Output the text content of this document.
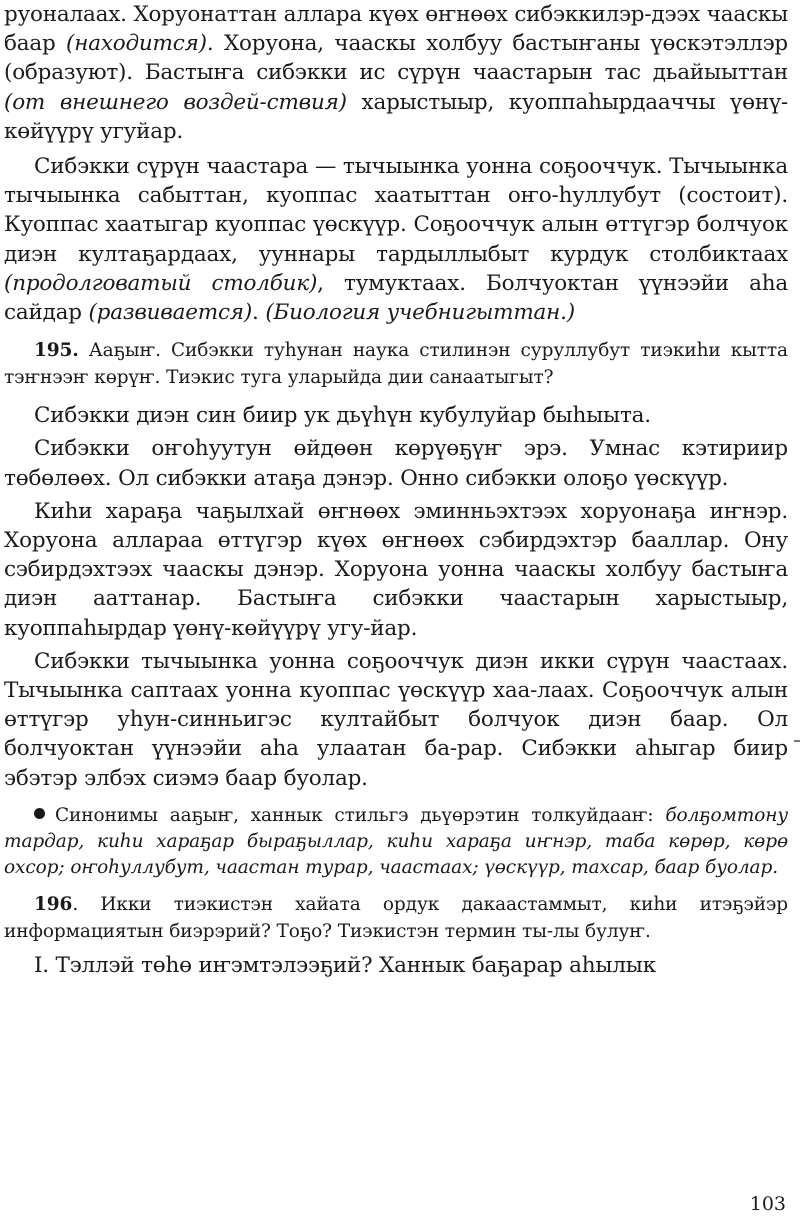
руоналаах. Хоруонаттан аллара күөх өҥнөөх сибэккилэр-дээх чааскы баар (находится). Хоруона, чааскы холбуу бастыҥаны үөскэтэллэр (образуют). Бастыҥа сибэкки ис сүрүн чаастарын тас дьайыыттан (от внешнего воздей-ствия) харыстыыр, куоппаһырдааччы үөнү-көйүүрү угуйар.

Сибэкки сүрүн чаастара — тычыынка уонна соҕооччук. Тычыынка тычыынка сабыттан, куоппас хаатыттан оҥо-һуллубут (состоит). Куоппас хаатыгар куоппас үөскүүр. Соҕооччук алын өттүгэр болчуок диэн култаҕардаах, ууннары тардыллыбыт курдук столбиктаах (продолговатый столбик), тумуктаах. Болчуоктан үүнээйи аһа сайдар (развивается). (Биология учебнигыттан.)

195. Ааҕыҥ. Сибэкки туһунан наука стилинэн суруллубут тиэкиһи кытта тэҥнээҥ көрүҥ. Тиэкис туга уларыйда дии санаатыгыт?

Сибэкки диэн син биир ук дьүһүн кубулуйар быһыыта.

Сибэкки оҥоһуутун өйдөөн көрүөҕүҥ эрэ. Умнас кэтириир төбөлөөх. Ол сибэкки атаҕа дэнэр. Онно сибэкки олоҕо үөскүүр.

Киһи хараҕа чаҕылхай өҥнөөх эминньэхтээх хоруонаҕа иҥнэр. Хоруона аллараа өттүгэр күөх өҥнөөх сэбирдэхтэр бааллар. Ону сэбирдэхтээх чааскы дэнэр. Хоруона уонна чааскы холбуу бастыҥа диэн ааттанар. Бастыҥа сибэкки чаастарын харыстыыр, куоппаһырдар үөнү-көйүүрү угу-йар.

Сибэкки тычыынка уонна соҕооччук диэн икки сүрүн чаастаах. Тычыынка саптаах уонна куоппас үөскүүр хаа-лаах. Соҕооччук алын өттүгэр уһун-синньигэс култайбыт болчуок диэн баар. Ол болчуоктан үүнээйи аһа улаатан ба-рар. Сибэкки аһыгар биир эбэтэр элбэх сиэмэ баар буолар.

Синонимы ааҕыҥ, ханнык стильгэ дьүөрэтин толкуйдааҥ: болҕомтону тардар, киһи хараҕар быраҕыллар, киһи хараҕа иҥнэр, таба көрөр, көрө охсор; оҥоһуллубут, чаастан турар, чаастаах; үөскүүр, тахсар, баар буолар.

196. Икки тиэкистэн хайата ордук дакаастаммыт, киһи итэҕэйэр информациятын биэрэрий? Тоҕо? Тиэкистэн термин ты-лы булуҥ.

I. Тэллэй төһө иҥэмтэлээҕий? Ханнык баҕарар аһылык

103
